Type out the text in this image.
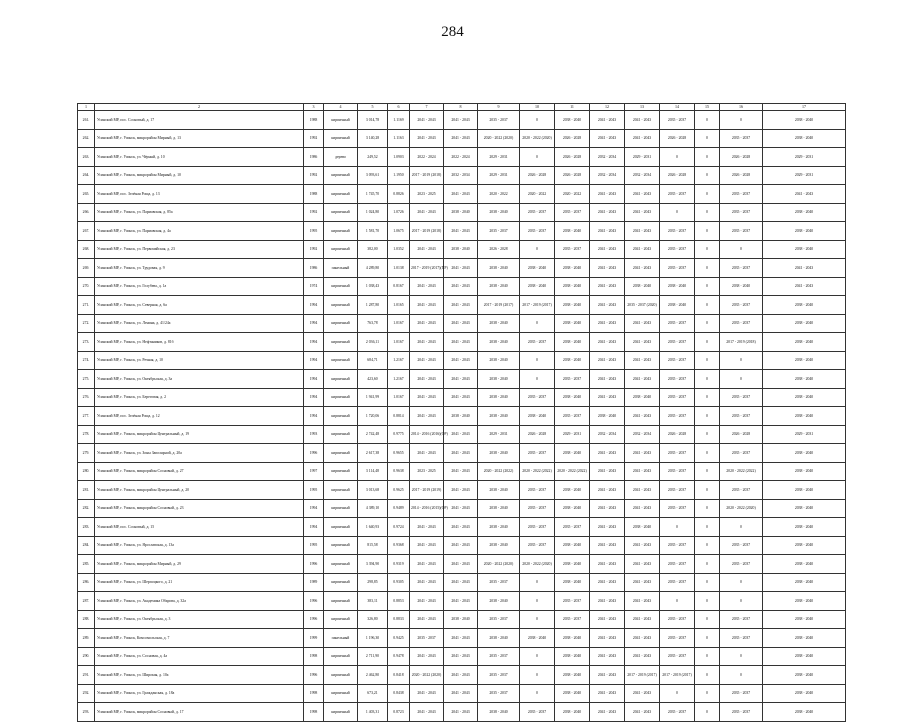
284
1	2	3	4	5	6	7	8	9	10	11	12	13	14	15	16	17
261.	Усинский МР, пос. Сосновый, д. 17	1988	кирпичный	3 014,78	1.1169	2041 - 2043	2041 - 2043	2035 - 2037	0	2038 - 2040	2041 - 2043	2041 - 2043	2035 - 2037	0	0	2038 - 2040
262.	Усинский МР, г. Усинск, микрорайон Мирный, д. 13	1992	кирпичный	3 140,28	1.1163	2041 - 2043	2041 - 2043	2020 - 2022 (2020)	2020 - 2022 (2020)	2026 - 2028	2041 - 2043	2041 - 2043	2026 - 2028	0	2035 - 2037	2038 - 2040
263.	Усинский МР, г. Усинск, ул. Чёрный, д. 10	1986	дерево	249,52	1.0903	2022 - 2024	2022 - 2024	2029 - 2031	0	2026 - 2028	2032 - 2034	2029 - 2031	0	0	2026 - 2028	2029 - 2031
264.	Усинский МР, г. Усинск, микрорайон Мирный, д. 10	1992	кирпичный	3 093,61	1.1950	2017 - 2019 (2018)	2032 - 2034	2029 - 2031	2026 - 2028	2026 - 2028	2032 - 2034	2032 - 2034	2026 - 2028	0	2026 - 2028	2029 - 2031
265.	Усинский МР, пос. Зелёная Роща, д. 13	1988	кирпичный	1 745,70	0.8826	2023 - 2025	2041 - 2043	2020 - 2022	2020 - 2022	2020 - 2022	2041 - 2043	2041 - 2043	2035 - 2037	0	2035 - 2037	2041 - 2043
266.	Усинский МР, г. Усинск, ул. Пармавская, д. 85а	1992	кирпичный	1 024,80	1.0726	2041 - 2043	2038 - 2040	2038 - 2040	2035 - 2037	2035 - 2037	2041 - 2043	2041 - 2043	0	0	2035 - 2037	2038 - 2040
267.	Усинский МР, г. Усинск, ул. Пармавская, д. 4а	1995	кирпичный	1 581,70	1.0675	2017 - 2019 (2018)	2041 - 2043	2035 - 2037	2035 - 2037	2038 - 2040	2041 - 2043	2041 - 2043	2035 - 2037	0	2035 - 2037	2038 - 2040
268.	Усинский МР, г. Усинск, ул. Первомайская, д. 23	1992	кирпичный	382,00	1.0352	2041 - 2043	2038 - 2040	2026 - 2028	0	2035 - 2037	2041 - 2043	2041 - 2043	2035 - 2037	0	0	2038 - 2040
269.	Усинский МР, г. Усинск, ул. Трудовая, д. 9	1986	панельный	4 289,80	1.0138	2017 - 2019 (2017)(ПР)	2041 - 2043	2038 - 2040	2038 - 2040	2038 - 2040	2041 - 2043	2041 - 2043	2035 - 2037	0	2035 - 2037	2041 - 2043
270.	Усинский МР, г. Усинск, ул. Голубева, д. 1а	1974	кирпичный	1 038,43	0.8167	2041 - 2043	2041 - 2043	2038 - 2040	2038 - 2040	2038 - 2040	2041 - 2043	2038 - 2040	2038 - 2040	0	2038 - 2040	2041 - 2043
271.	Усинский МР, г. Усинск, ул. Северная, д. 6а	1994	кирпичный	1 287,80	1.0165	2041 - 2043	2041 - 2043	2017 - 2019 (2017)	2017 - 2019 (2017)	2038 - 2040	2041 - 2043	2035 - 2037 (2020)	2038 - 2040	0	2035 - 2037	2038 - 2040
272.	Усинский МР, г. Усинск, ул. Ленина, д. 41/24а	1994	кирпичный	763,78	1.0167	2041 - 2043	2041 - 2043	2038 - 2040	0	2038 - 2040	2041 - 2043	2041 - 2043	2035 - 2037	0	2035 - 2037	2038 - 2040
273.	Усинский МР, г. Усинск, ул. Нефтяников, д. 81б	1994	кирпичный	2 036,11	1.0167	2041 - 2043	2041 - 2043	2038 - 2040	2035 - 2037	2038 - 2040	2041 - 2043	2041 - 2043	2035 - 2037	0	2017 - 2019 (2018)	2038 - 2040
274.	Усинский МР, г. Усинск, ул. Речная, д. 10	1994	кирпичный	684,71	1.2167	2041 - 2043	2041 - 2043	2038 - 2040	0	2038 - 2040	2041 - 2043	2041 - 2043	2035 - 2037	0	0	2038 - 2040
275.	Усинский МР, г. Усинск, ул. Октябрьская, д. 3а	1994	кирпичный	423,60	1.2167	2041 - 2043	2041 - 2043	2038 - 2040	0	2035 - 2037	2041 - 2043	2041 - 2043	2035 - 2037	0	0	2038 - 2040
276.	Усинский МР, г. Усинск, ул. Береговая, д. 2	1994	кирпичный	1 941,99	1.0167	2041 - 2043	2041 - 2043	2038 - 2040	2035 - 2037	2038 - 2040	2041 - 2043	2038 - 2040	2035 - 2037	0	2035 - 2037	2038 - 2040
277.	Усинский МР, пос. Зелёная Роща, д. 12	1994	кирпичный	1 720,06	0.8814	2041 - 2043	2038 - 2040	2038 - 2040	2038 - 2040	2035 - 2037	2038 - 2040	2041 - 2043	2035 - 2037	0	2035 - 2037	2038 - 2040
278.	Усинский МР, г. Усинск, микрорайон Центральный, д. 19	1993	кирпичный	2 742,48	0.9775	2014 - 2016 (2016)(ОР)	2041 - 2043	2029 - 2031	2026 - 2028	2029 - 2031	2032 - 2034	2032 - 2034	2026 - 2028	0	2026 - 2028	2029 - 2031
279.	Усинский МР, г. Усинск, ул. Зоны Заполярной, д. 20а	1996	кирпичный	2 617,38	0.9655	2041 - 2043	2041 - 2043	2038 - 2040	2035 - 2037	2038 - 2040	2041 - 2043	2041 - 2043	2035 - 2037	0	2035 - 2037	2038 - 2040
280.	Усинский МР, г. Усинск, микрорайон Сосновый, д. 27	1997	кирпичный	3 114,48	0.9638	2023 - 2025	2041 - 2043	2020 - 2022 (2022)	2020 - 2022 (2022)	2020 - 2022 (2022)	2041 - 2043	2041 - 2043	2035 - 2037	0	2020 - 2022 (2022)	2038 - 2040
281.	Усинский МР, г. Усинск, микрорайон Центральный, д. 20	1995	кирпичный	3 013,68	0.9625	2017 - 2019 (2019)	2041 - 2043	2038 - 2040	2035 - 2037	2038 - 2040	2041 - 2043	2041 - 2043	2035 - 2037	0	2035 - 2037	2038 - 2040
282.	Усинский МР, г. Усинск, микрорайон Сосновый, д. 23	1994	кирпичный	4 389,10	0.9489	2014 - 2016 (2015)(ОР)	2041 - 2043	2038 - 2040	2035 - 2037	2038 - 2040	2041 - 2043	2041 - 2043	2035 - 2037	0	2020 - 2022 (2020)	2038 - 2040
283.	Усинский МР, пос. Сосновый, д. 15	1994	кирпичный	1 640,93	0.9724	2041 - 2043	2041 - 2043	2038 - 2040	2035 - 2037	2035 - 2037	2041 - 2043	2038 - 2040	0	0	0	2038 - 2040
284.	Усинский МР, г. Усинск, ул. Ярославская, д. 13а	1995	кирпичный	815,58	0.9368	2041 - 2043	2041 - 2043	2038 - 2040	2035 - 2037	2038 - 2040	2041 - 2043	2041 - 2043	2035 - 2037	0	2035 - 2037	2038 - 2040
285.	Усинский МР, г. Усинск, микрорайон Мирный, д. 29	1996	кирпичный	3 394,90	0.9319	2041 - 2043	2041 - 2043	2020 - 2022 (2020)	2020 - 2022 (2020)	2038 - 2040	2041 - 2043	2041 - 2043	2035 - 2037	0	2035 - 2037	2038 - 2040
286.	Усинский МР, г. Усинск, ул. Шерпоцкого, д. 21	1989	кирпичный	298,85	0.9305	2041 - 2043	2041 - 2043	2035 - 2037	0	2038 - 2040	2041 - 2043	2041 - 2043	2035 - 2037	0	0	2038 - 2040
287.	Усинский МР, г. Усинск, ул. Академика Обарова, д. 32а	1996	кирпичный	383,11	0.8853	2041 - 2043	2041 - 2043	2038 - 2040	0	2035 - 2037	2041 - 2043	2041 - 2043	0	0	0	2038 - 2040
288.	Усинский МР, г. Усинск, ул. Октябрьская, д. 3	1996	кирпичный	326,80	0.8833	2041 - 2043	2038 - 2040	2035 - 2037	0	2035 - 2037	2041 - 2043	2041 - 2043	2035 - 2037	0	2035 - 2037	2038 - 2040
289.	Усинский МР, г. Усинск, Комсомольская, д. 7	1999	панельный	1 196,30	0.9425	2035 - 2037	2041 - 2043	2038 - 2040	2038 - 2040	2038 - 2040	2041 - 2043	2041 - 2043	2035 - 2037	0	2035 - 2037	2038 - 2040
290.	Усинский МР, г. Усинск, ул. Сосновая, д. 4а	1998	кирпичный	2 711,90	0.9478	2041 - 2043	2041 - 2043	2035 - 2037	0	2038 - 2040	2041 - 2043	2041 - 2043	2035 - 2037	0	0	2038 - 2040
291.	Усинский МР, г. Усинск, ул. Широкая, д. 10а	1996	кирпичный	2 462,80	0.8418	2020 - 2022 (2020)	2041 - 2043	2035 - 2037	0	2038 - 2040	2041 - 2043	2017 - 2019 (2017)	2017 - 2019 (2017)	0	0	2038 - 2040
292.	Усинский МР, г. Усинск, ул. Гражданская, д. 18а	1998	кирпичный	673,21	0.8438	2041 - 2043	2041 - 2043	2035 - 2037	0	2038 - 2040	2041 - 2043	2041 - 2043	0	0	2035 - 2037	2038 - 2040
293.	Усинский МР, г. Усинск, микрорайон Сосновый, д. 17	1998	кирпичный	1 403,31	0.8723	2041 - 2043	2041 - 2043	2038 - 2040	2035 - 2037	2038 - 2040	2041 - 2043	2041 - 2043	2035 - 2037	0	2035 - 2037	2038 - 2040
